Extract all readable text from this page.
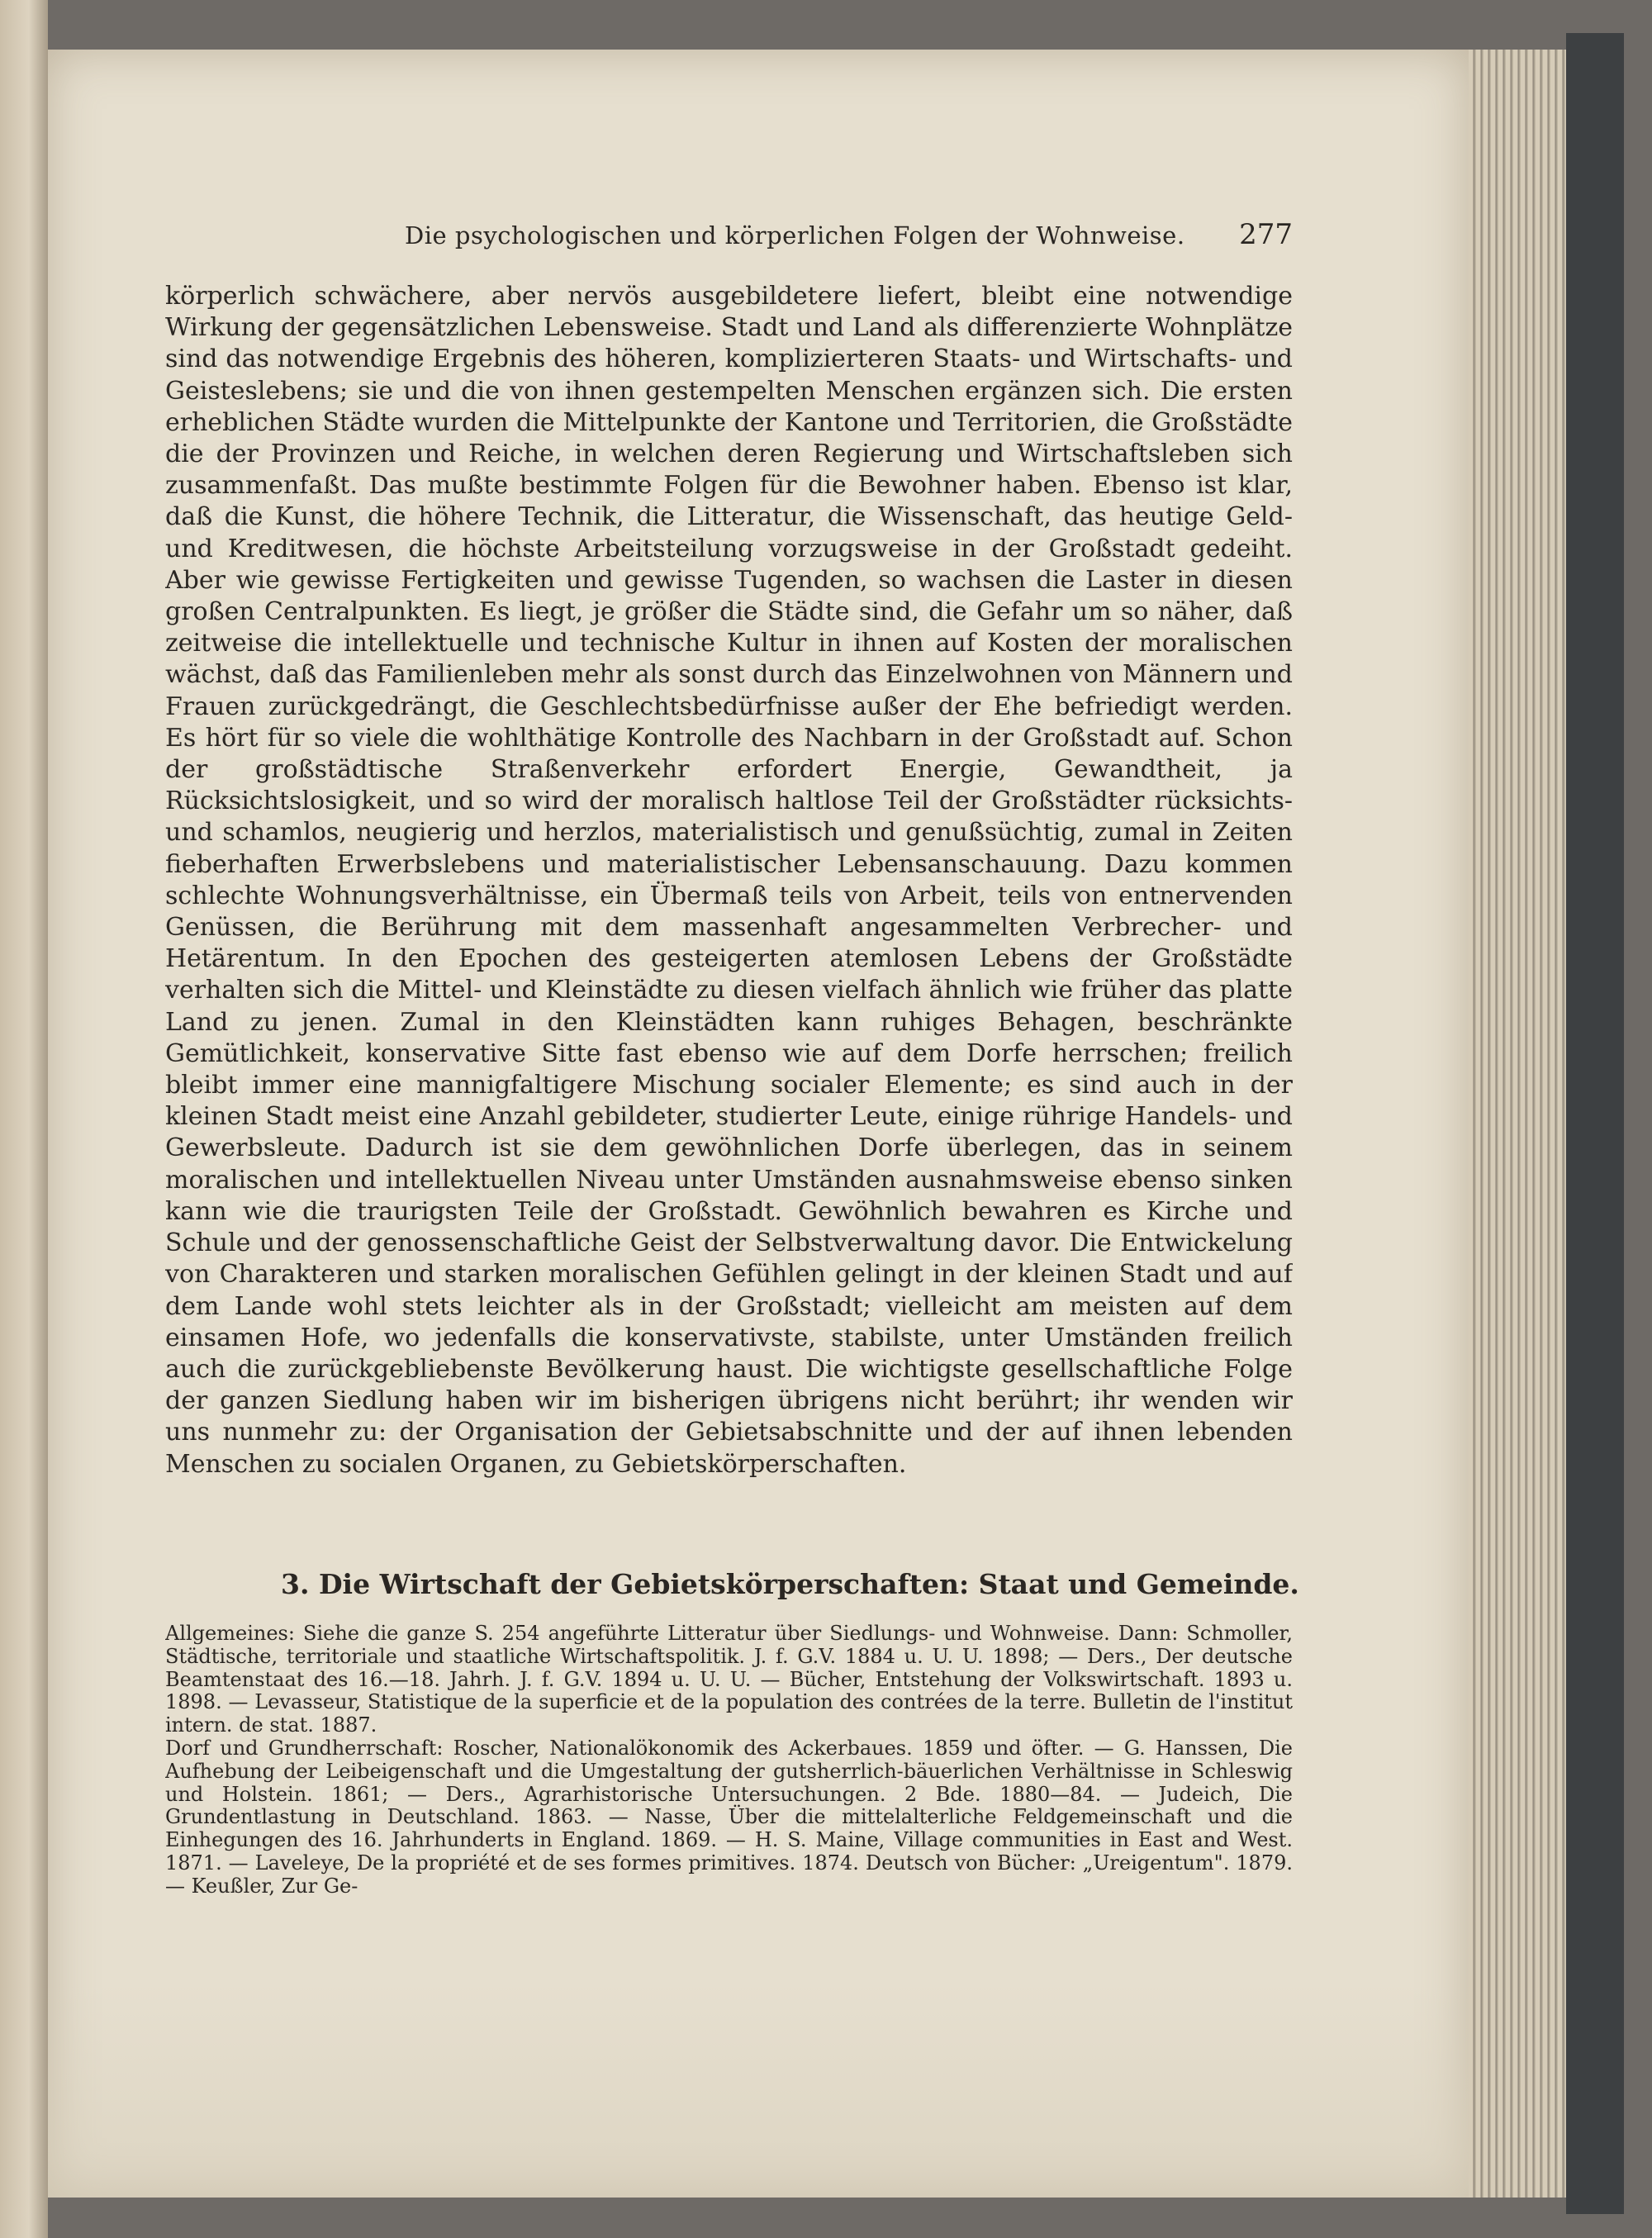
Die psychologischen und körperlichen Folgen der Wohnweise.	277
körperlich schwächere, aber nervös ausgebildetere liefert, bleibt eine notwendige Wirkung der gegensätzlichen Lebensweise. Stadt und Land als differenzierte Wohnplätze sind das notwendige Ergebnis des höheren, komplizierteren Staats- und Wirtschafts- und Geisteslebens; sie und die von ihnen gestempelten Menschen ergänzen sich. Die ersten erheblichen Städte wurden die Mittelpunkte der Kantone und Territorien, die Großstädte die der Provinzen und Reiche, in welchen deren Regierung und Wirtschaftsleben sich zusammenfaßt. Das mußte bestimmte Folgen für die Bewohner haben. Ebenso ist klar, daß die Kunst, die höhere Technik, die Litteratur, die Wissenschaft, das heutige Geld- und Kreditwesen, die höchste Arbeitsteilung vorzugsweise in der Großstadt gedeiht. Aber wie gewisse Fertigkeiten und gewisse Tugenden, so wachsen die Laster in diesen großen Centralpunkten. Es liegt, je größer die Städte sind, die Gefahr um so näher, daß zeitweise die intellektuelle und technische Kultur in ihnen auf Kosten der moralischen wächst, daß das Familienleben mehr als sonst durch das Einzelwohnen von Männern und Frauen zurückgedrängt, die Geschlechtsbedürfnisse außer der Ehe befriedigt werden. Es hört für so viele die wohlthätige Kontrolle des Nachbarn in der Großstadt auf. Schon der großstädtische Straßenverkehr erfordert Energie, Gewandtheit, ja Rücksichtslosigkeit, und so wird der moralisch haltlose Teil der Großstädter rücksichts- und schamlos, neugierig und herzlos, materialistisch und genußsüchtig, zumal in Zeiten fieberhaften Erwerbslebens und materialistischer Lebensanschauung. Dazu kommen schlechte Wohnungsverhältnisse, ein Übermaß teils von Arbeit, teils von entnervenden Genüssen, die Berührung mit dem massenhaft angesammelten Verbrecher- und Hetärentum. In den Epochen des gesteigerten atemlosen Lebens der Großstädte verhalten sich die Mittel- und Kleinstädte zu diesen vielfach ähnlich wie früher das platte Land zu jenen. Zumal in den Kleinstädten kann ruhiges Behagen, beschränkte Gemütlichkeit, konservative Sitte fast ebenso wie auf dem Dorfe herrschen; freilich bleibt immer eine mannigfaltigere Mischung socialer Elemente; es sind auch in der kleinen Stadt meist eine Anzahl gebildeter, studierter Leute, einige rührige Handels- und Gewerbsleute. Dadurch ist sie dem gewöhnlichen Dorfe überlegen, das in seinem moralischen und intellektuellen Niveau unter Umständen ausnahmsweise ebenso sinken kann wie die traurigsten Teile der Großstadt. Gewöhnlich bewahren es Kirche und Schule und der genossenschaftliche Geist der Selbstverwaltung davor. Die Entwickelung von Charakteren und starken moralischen Gefühlen gelingt in der kleinen Stadt und auf dem Lande wohl stets leichter als in der Großstadt; vielleicht am meisten auf dem einsamen Hofe, wo jedenfalls die konservativste, stabilste, unter Umständen freilich auch die zurückgebliebenste Bevölkerung haust. Die wichtigste gesellschaftliche Folge der ganzen Siedlung haben wir im bisherigen übrigens nicht berührt; ihr wenden wir uns nunmehr zu: der Organisation der Gebietsabschnitte und der auf ihnen lebenden Menschen zu socialen Organen, zu Gebietskörperschaften.
3. Die Wirtschaft der Gebietskörperschaften: Staat und Gemeinde.

Allgemeines: Siehe die ganze S. 254 angeführte Litteratur über Siedlungs- und Wohnweise. Dann: Schmoller, Städtische, territoriale und staatliche Wirtschaftspolitik. J. f. G.V. 1884 u. U. U. 1898; — Ders., Der deutsche Beamtenstaat des 16.—18. Jahrh. J. f. G.V. 1894 u. U. U. — Bücher, Entstehung der Volkswirtschaft. 1893 u. 1898. — Levasseur, Statistique de la superficie et de la population des contrées de la terre. Bulletin de l'institut intern. de stat. 1887.

Dorf und Grundherrschaft: Roscher, Nationalökonomik des Ackerbaues. 1859 und öfter. — G. Hanssen, Die Aufhebung der Leibeigenschaft und die Umgestaltung der gutsherrlich-bäuerlichen Verhältnisse in Schleswig und Holstein. 1861; — Ders., Agrarhistorische Untersuchungen. 2 Bde. 1880—84. — Judeich, Die Grundentlastung in Deutschland. 1863. — Nasse, Über die mittelalterliche Feldgemeinschaft und die Einhegungen des 16. Jahrhunderts in England. 1869. — H. S. Maine, Village communities in East and West. 1871. — Laveleye, De la propriété et de ses formes primitives. 1874. Deutsch von Bücher: „Ureigentum". 1879. — Keußler, Zur Ge-
